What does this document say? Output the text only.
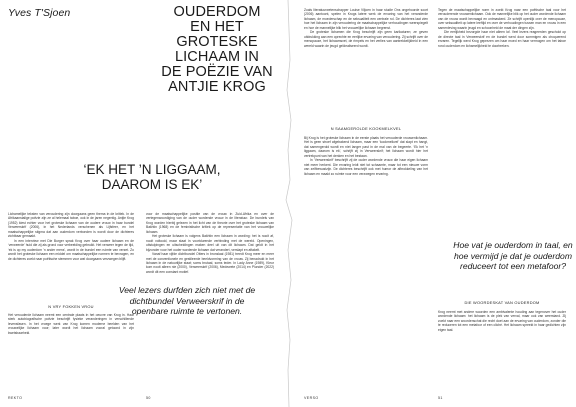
Yves T'Sjoen	OUDERDOM
EN HET
GROTESKE
LICHAAM IN
DE POËZIE VAN
ANTJIE KROG
‘EK HET ’N LIGGAAM,
DAAROM IS EK’

Lichamelijke teksten van veroudering zijn doorgaans geen thema in de kritiek. In de Afrikaanstalige poëzie zijn ze al helemaal taboe, ook in de jaren negentig. Antjie Krog (1952) kiest echter voor het groteske lichaam van de oudere vrouw in haar bundel Verweerskrif (2006), in het Nederlands verschenen als Lijfsfeer, en het maatschappelijke stigma dat aan ouderdom verbonden is wordt door de dichteres zichtbaar gemaakt.

In een interview met Die Burger sprak Krog over haar oudere lichaam en de ‘verweerde’ huid die zij als grond voor verbeelding gebruikt. Het verweer tegen de tijd, ‘ek is op my ouderdom ’n ander mens’, wordt in de bundel een ruimte van verzet. Zo wordt het groteske lichaam een middel om maatschappelijke normen te bevragen, en de dichteres zoekt naar poëtische stemmen voor wat doorgaans verzwegen blijft.

N VRY FOKKEN VROU

Het verouderde lichaam neemt een centrale plaats in het oeuvre van Krog in. Haar sterk autobiografische poëzie beschrijft fysieke veranderingen in verschillende levensfasen. In het vroege werk van Krog komen moderne beelden van het vrouwelijke lichaam voor; later wordt het lichaam vooral getoond in zijn kwetsbaarheid.

voor de maatschappelijke positie van de vrouw in Zuid-Afrika en over de vertegenwoordiging van de ouder wordende vrouw in de literatuur. De bundels van Krog worden hierbij gelezen in het licht van de theorie over het groteske lichaam van Bakhtin (1968) en de feministische kritiek op de representatie van het vrouwelijke lichaam.

Het groteske lichaam is volgens Bakhtin een lichaam in wording: het is nooit af, nooit voltooid, maar staat in voortdurende verbinding met de wereld. Openingen, uitstulpingen en uitscheidingen maken deel uit van dit lichaam. Dat geldt in het bijzonder voor het ouder wordende lichaam dat verandert, verslapt en aftakelt.

Vanaf haar vijfde dichtbundel Otters in bronslaai (1981) treedt Krog meer en meer met de conventionele en gestileerde beeldvorming van de vrouw. Zij benadrukt in het lichaam in de natuurlijke staat; soms brutaal, soms teder. In Lady Anne (1989), Kleur kom nooit alleen nie (2000), Verweerskrif (2006), Medewete (2014) en Plunder (2022) wordt dit een constant motief.

Veel lezers durfden zich niet met de dichtbundel Verweerskrif in de openbare ruimte te vertonen.
REKTO	50

Zoals literatuurwetenschapper Louise Viljoen in haar studie Ons ongehoorde soort (2006) aantoont, spelen in Krogs latere werk de ervaring van het veranderde lichaam, de moederschap en de seksualiteit een centrale rol. De dichteres laat zien hoe het lichaam in zijn veroudering de maatschappelijke verhoudingen weerspiegelt en hoe de mannelijke blik het vrouwelijke lichaam begrenst.

De groteske lichamen die Krog beschrijft zijn geen karikaturen; ze geven uitdrukking aan een oprechte en eerlijke ervaring van veroudering. Zij schrijft over de menopauze, het lichaamsvet, de rimpels en het verlies van aantrekkelijkheid in een wereld waarin de jeugd geïdealiseerd wordt.

N SAAMGEROLDE KOOKMELKVEL

Bij Krog is het groteske lichaam in de eerste plaats het verouderde vrouwenlichaam. Het is geen stroef afgebakend lichaam, maar een ‘kookmelkvel’ dat slapt en hangt, dat samengerold wordt en niet langer past in de mal van de begeerte. ‘Ek het ’n liggaam, daarom is ek’, schrijft zij in Verweerskrif; het lichaam wordt hier het vertrekpunt van het denken en het bestaan.

In ‘Verweerskrif’ beschrijft zij de ouder wordende vrouw die haar eigen lichaam niet meer herkent. Die ervaring leidt niet tot schaamte, maar tot een nieuwe vorm van zelfbewustzijn. De dichteres beschrijft ook met humor de afbrokkeling van het lichaam en maakt zo ruimte voor een verzwegen ervaring.

Tegen de maatschappelijke norm in zoekt Krog naar een poëtische taal voor het verouderende vrouwenlichaam. Ook de mannelijke blik op het ouder wordende lichaam van de vrouw wordt bevraagd en ontmaskerd. Ze schrijft openlijk over de menopauze, over seksualiteit op latere leeftijd en over de verhoudingen tussen man en vrouw in een samenleving waarin jeugd en schoonheid de maat der dingen zijn.

Die eerlijkheid bezorgde haar niet alleen lof. Veel lezers reageerden geschokt op de directe taal in Verweerskrif en de bundel werd door sommigen als choquerend ervaren. Tegelijk werd Krog geprezen om haar moed en haar vermogen om het taboe rond ouderdom en lichamelijkheid te doorbreken.

Hoe vat je ouderdom in taal, en hoe vermijd je dat je ouderdom reduceert tot een metafoor?
DIE WOORDESKAT VAN OUDERDOM

Krog neemt met andere woorden een ambivalente houding aan tegenover het ouder wordende lichaam: het lichaam is de plek van verval, maar ook van weerstand. Zij zoekt naar een woordenschat die recht doet aan de ervaring van ouderdom, zonder die te reduceren tot een metafoor of een cliché. Het lichaam spreekt in haar gedichten zijn eigen taal.

VERSO	51
